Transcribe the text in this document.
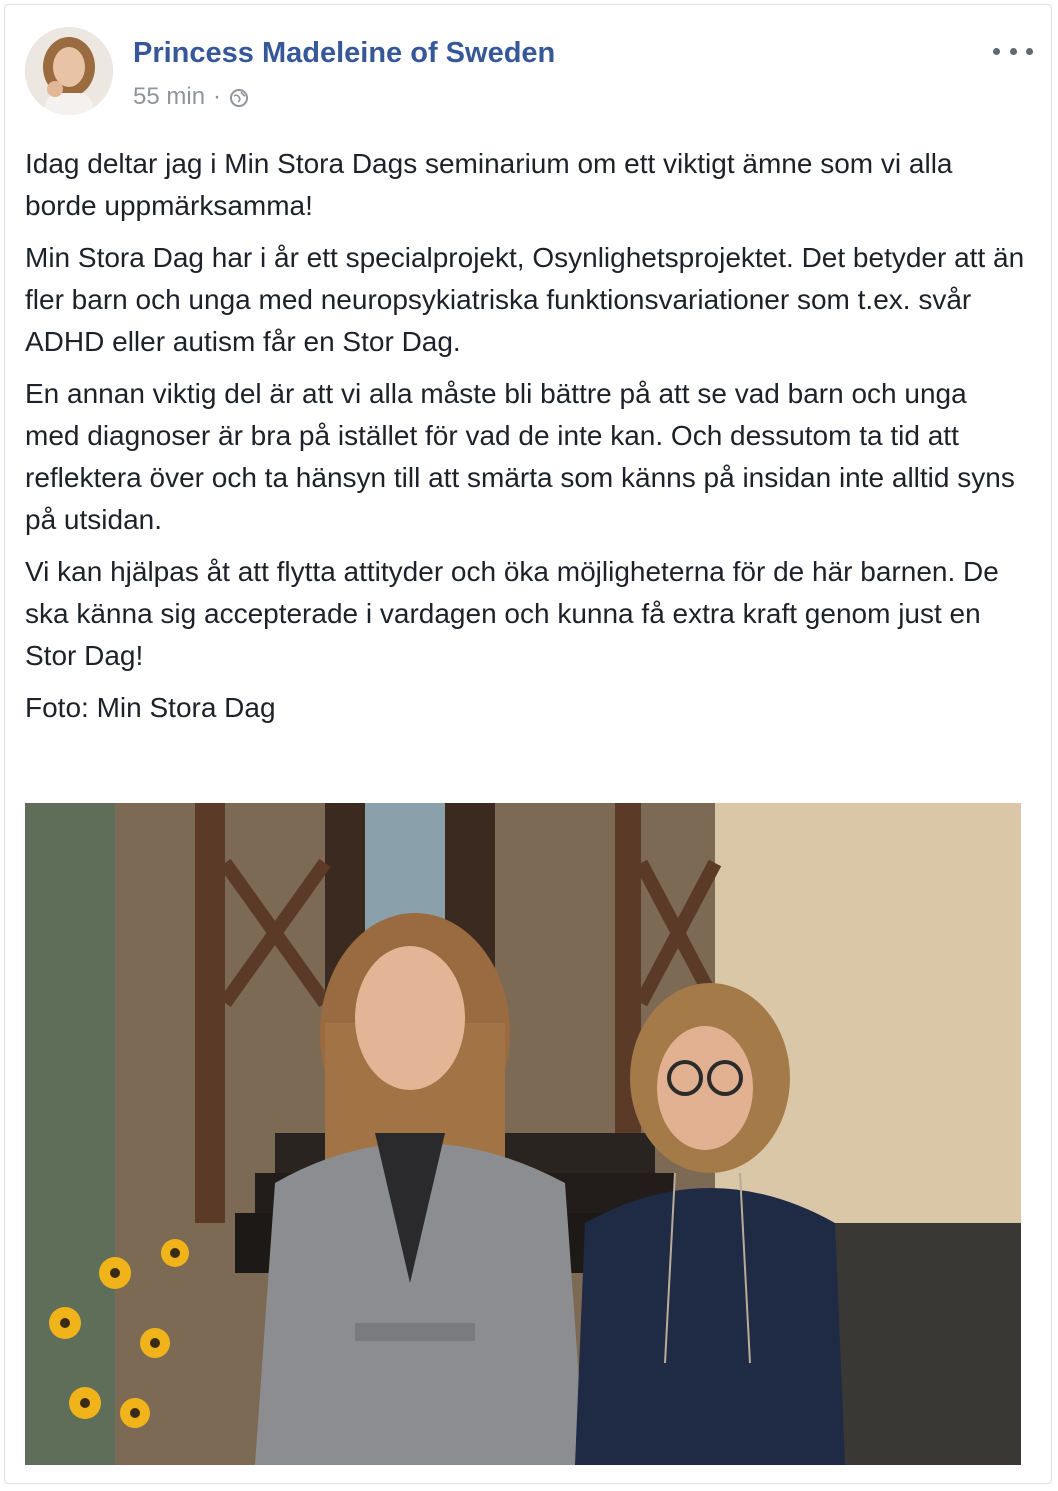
Princess Madeleine of Sweden
55 min ·

Idag deltar jag i Min Stora Dags seminarium om ett viktigt ämne som vi alla borde uppmärksamma!

Min Stora Dag har i år ett specialprojekt, Osynlighetsprojektet. Det betyder att än fler barn och unga med neuropsykiatriska funktionsvariationer som t.ex. svår ADHD eller autism får en Stor Dag.

En annan viktig del är att vi alla måste bli bättre på att se vad barn och unga med diagnoser är bra på istället för vad de inte kan. Och dessutom ta tid att reflektera över och ta hänsyn till att smärta som känns på insidan inte alltid syns på utsidan.

Vi kan hjälpas åt att flytta attityder och öka möjligheterna för de här barnen. De ska känna sig accepterade i vardagen och kunna få extra kraft genom just en Stor Dag!

Foto: Min Stora Dag
